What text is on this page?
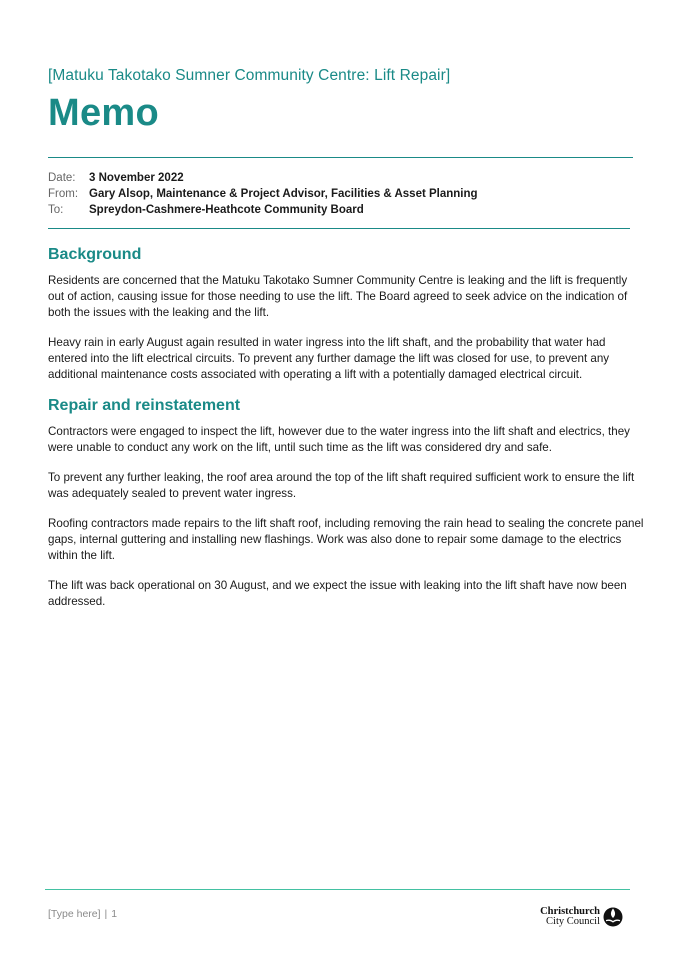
[Matuku Takotako Sumner Community Centre: Lift Repair]
Memo
Date:	3 November 2022
From: Gary Alsop, Maintenance & Project Advisor, Facilities & Asset Planning
To:	Spreydon-Cashmere-Heathcote Community Board
Background

Residents are concerned that the Matuku Takotako Sumner Community Centre is leaking and the lift is frequently out of action, causing issue for those needing to use the lift. The Board agreed to seek advice on the indication of both the issues with the leaking and the lift.

Heavy rain in early August again resulted in water ingress into the lift shaft, and the probability that water had entered into the lift electrical circuits. To prevent any further damage the lift was closed for use, to prevent any additional maintenance costs associated with operating a lift with a potentially damaged electrical circuit.

Repair and reinstatement

Contractors were engaged to inspect the lift, however due to the water ingress into the lift shaft and electrics, they were unable to conduct any work on the lift, until such time as the lift was considered dry and safe.

To prevent any further leaking, the roof area around the top of the lift shaft required sufficient work to ensure the lift was adequately sealed to prevent water ingress.

Roofing contractors made repairs to the lift shaft roof, including removing the rain head to sealing the concrete panel gaps, internal guttering and installing new flashings. Work was also done to repair some damage to the electrics within the lift.

The lift was back operational on 30 August, and we expect the issue with leaking into the lift shaft have now been addressed.

[Type here] | 1	Christchurch
City Council
